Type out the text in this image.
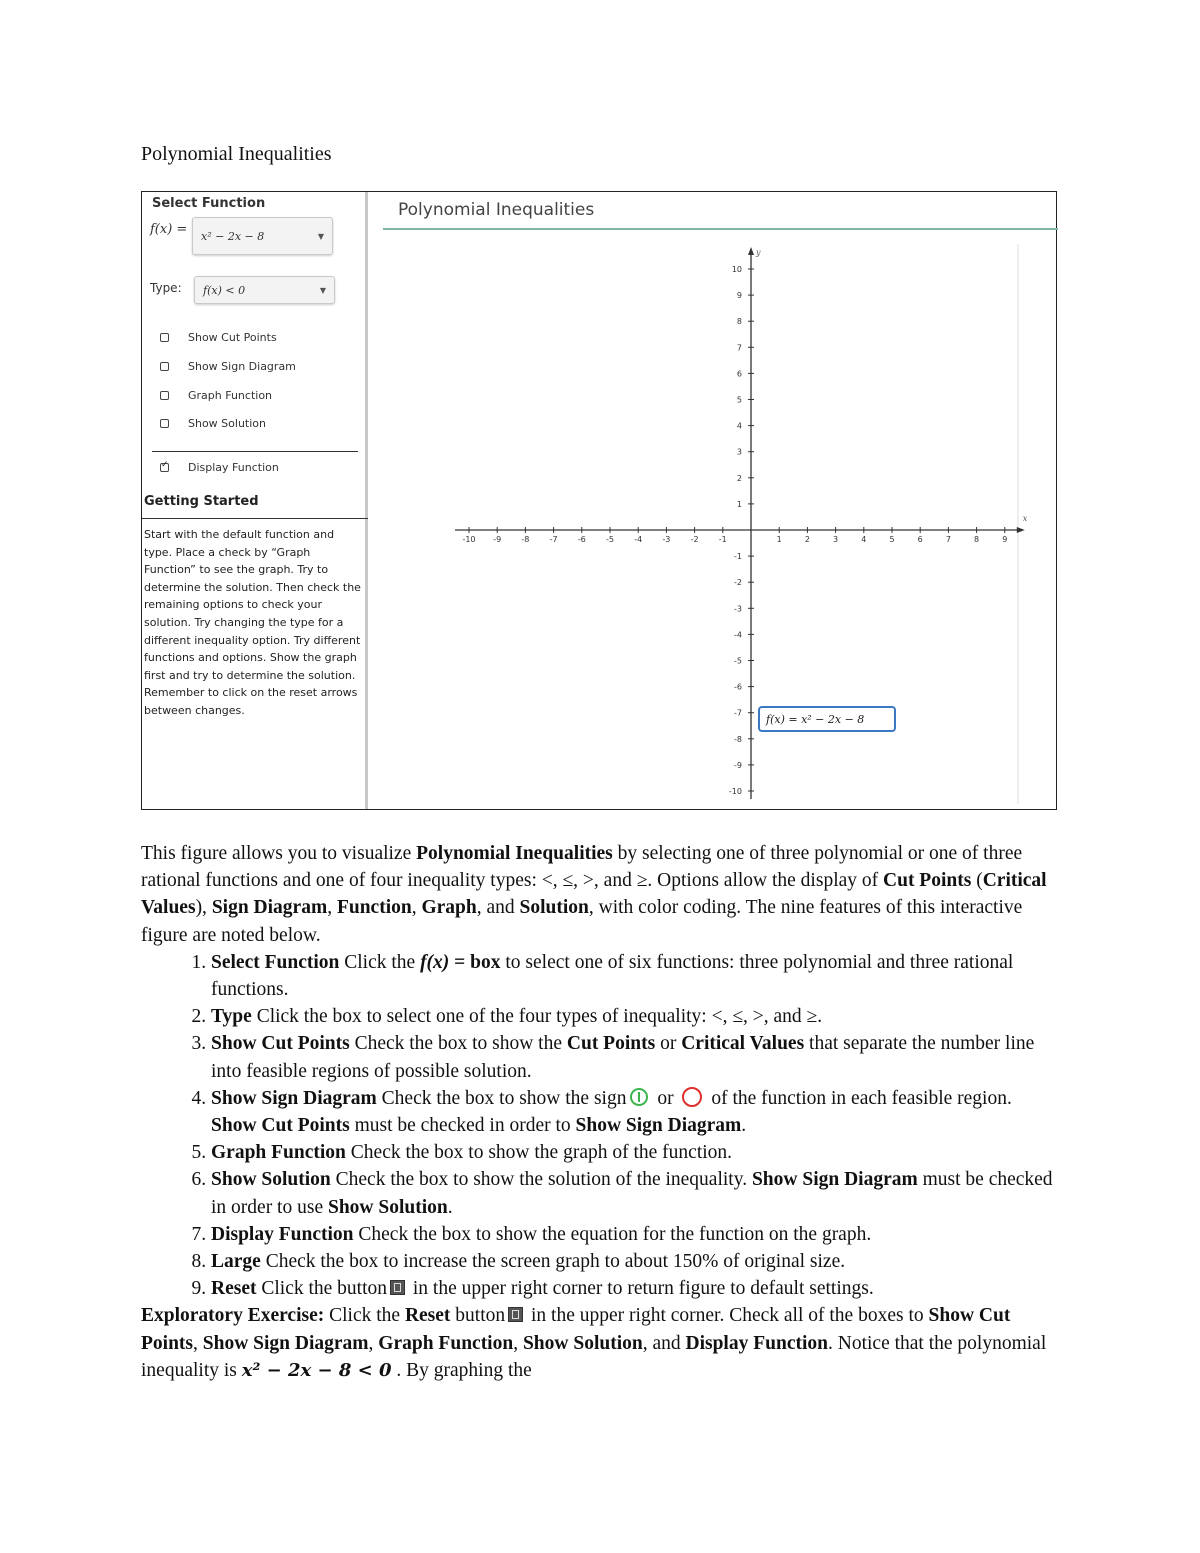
Polynomial Inequalities
Select Function
f(x) = x² − 2x − 8	▼
Type: f(x) < 0	▼
Show Cut Points
Show Sign Diagram
Graph Function
Show Solution
✓
Display Function
Getting Started
Start with the default function and type. Place a check by “Graph Function” to see the graph. Try to determine the solution. Then check the remaining options to check your solution. Try changing the type for a different inequality option. Try different functions and options. Show the graph first and try to determine the solution. Remember to click on the reset arrows between changes.
Polynomial Inequalities
x
y
-10 -9	-8	-7	-6	-5	-4	-3	-2	-1	1	2	3	4	5	6	7	8	9
10
9
8
7
6
5
4
3
2
1
-1
-2
-3
-4
-5
-6
-7
-8
-9
-10
f(x) = x² − 2x − 8

This figure allows you to visualize Polynomial Inequalities by selecting one of three polynomial or one of three rational functions and one of four inequality types: <, ≤, >, and ≥. Options allow the display of Cut Points (Critical Values), Sign Diagram, Function, Graph, and Solution, with color coding. The nine features of this interactive figure are noted below.

1. Select Function Click the f(x) = box to select one of six functions: three polynomial and three rational functions.
2. Type Click the box to select one of the four types of inequality: <, ≤, >, and ≥.
3. Show Cut Points Check the box to show the Cut Points or Critical Values that separate the number line into feasible regions of possible solution.
4. Show Sign Diagram Check the box to show the sign or  of the function in each feasible region. Show Cut Points must be checked in order to Show Sign Diagram.
5. Graph Function Check the box to show the graph of the function.
6. Show Solution Check the box to show the solution of the inequality. Show Sign Diagram must be checked in order to use Show Solution.
7. Display Function Check the box to show the equation for the function on the graph.
8. Large Check the box to increase the screen graph to about 150% of original size.
9. Reset Click the button in the upper right corner to return figure to default settings.

Exploratory Exercise: Click the Reset button in the upper right corner. Check all of the boxes to Show Cut Points, Show Sign Diagram, Graph Function, Show Solution, and Display Function. Notice that the polynomial inequality is x² − 2x − 8 < 0 . By graphing the
